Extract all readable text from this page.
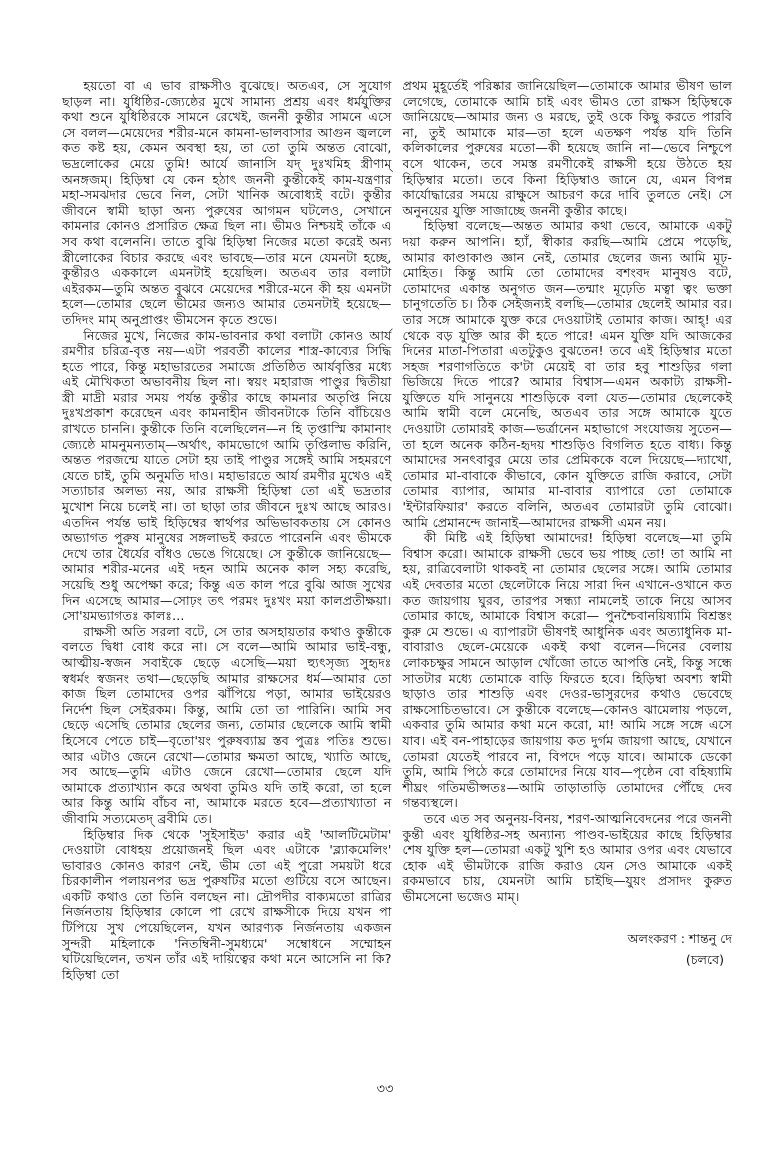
হয়তো বা এ ভাব রাক্ষসীও বুঝেছে। অতএব, সে সুযোগ ছাড়ল না। যুধিষ্ঠির-জ্যেষ্ঠের মুখে সামান্য প্রশ্রয় এবং ধর্মযুক্তির কথা শুনে যুধিষ্ঠিরকে সামনে রেখেই, জননী কুন্তীর সামনে এসে সে বলল—মেয়েদের শরীর-মনে কামনা-ভালবাসার আগুন জ্বললে কত কষ্ট হয়, কেমন অবস্থা হয়, তা তো তুমি অন্তত বোঝো, ভদ্রলোকের মেয়ে তুমি! আর্যে জানাসি যদ্ দুঃখমিহ স্ত্রীণাম্ অনঙ্গজম্। হিড়িম্বা যে কেন হঠাৎ জননী কুন্তীকেই কাম-যন্ত্রণার মহা-সমঝদার ভেবে নিল, সেটা খানিক অবোধ্যই বটে। কুন্তীর জীবনে স্বামী ছাড়া অন্য পুরুষের আগমন ঘটলেও, সেখানে কামনার কোনও প্রসারিত ক্ষেত্র ছিল না। ভীমও নিশ্চয়ই তাঁকে এ সব কথা বলেননি। তাতে বুঝি হিড়িম্বা নিজের মতো করেই অন্য স্ত্রীলোকের বিচার করছে এবং ভাবছে—তার মনে যেমনটা হচ্ছে, কুন্তীরও এককালে এমনটাই হয়েছিল। অতএব তার বলাটা এইরকম—তুমি অন্তত বুঝবে মেয়েদের শরীরে-মনে কী হয় এমনটা হলে—তোমার ছেলে ভীমের জন্যও আমার তেমনটাই হয়েছে—তদিদং মাম্ অনুপ্রাপ্তং ভীমসেন কৃতে শুভে।

নিজের মুখে, নিজের কাম-ভাবনার কথা বলাটা কোনও আর্য রমণীর চরিত্র-বৃত্ত নয়—এটা পরবর্তী কালের শাস্ত্র-কাব্যের সিদ্ধি হতে পারে, কিন্তু মহাভারতের সমাজে প্রতিষ্ঠিত আর্যবৃত্তির মধ্যে এই মৌখিকতা অভাবনীয় ছিল না। স্বয়ং মহারাজ পাণ্ডুর দ্বিতীয়া স্ত্রী মাদ্রী মরার সময় পর্যন্ত কুন্তীর কাছে কামনার অতৃপ্তি নিয়ে দুঃখপ্রকাশ করেছেন এবং কামনাহীন জীবনটাকে তিনি বাঁচিয়েও রাখতে চাননি। কুন্তীকে তিনি বলেছিলেন—ন হি তৃপ্তাস্মি কামানাং জ্যেষ্ঠে মামনুমন্যতাম্—অর্থাৎ, কামভোগে আমি তৃপ্তিলাভ করিনি, অন্তত পরজন্মে যাতে সেটা হয় তাই পাণ্ডুর সঙ্গেই আমি সহমরণে যেতে চাই, তুমি অনুমতি দাও। মহাভারতে আর্য রমণীর মুখেও এই সত্যাচার অলভ্য নয়, আর রাক্ষসী হিড়িম্বা তো এই ভদ্রতার মুখোশ নিয়ে চলেই না। তা ছাড়া তার জীবনে দুঃখ আছে আরও। এতদিন পর্যন্ত ভাই হিড়িম্বের স্বার্থপর অভিভাবকতায় সে কোনও অভ্যাগত পুরুষ মানুষের সঙ্গলাভই করতে পারেননি এবং ভীমকে দেখে তার ধৈর্যের বাঁধও ভেঙে গিয়েছে। সে কুন্তীকে জানিয়েছে—আমার শরীর-মনের এই দহন আমি অনেক কাল সহ্য করেছি, সয়েছি শুধু অপেক্ষা করে; কিন্তু এত কাল পরে বুঝি আজ সুখের দিন এসেছে আমার—সোঢ়ং তৎ পরমং দুঃখং ময়া কালপ্রতীক্ষয়া। সো'য়মভ্যাগতঃ কালঃ...

রাক্ষসী অতি সরলা বটে, সে তার অসহায়তার কথাও কুন্তীকে বলতে দ্বিধা বোধ করে না। সে বলে—আমি আমার ভাই-বন্ধু, আত্মীয়-স্বজন সবাইকে ছেড়ে এসেছি—ময়া হ্যুৎসৃজ্য সুহৃদঃ স্বধর্মং স্বজনং তথা—ছেড়েছি আমার রাক্ষসের ধর্ম—আমার তো কাজ ছিল তোমাদের ওপর ঝাঁপিয়ে পড়া, আমার ভাইয়েরও নির্দেশ ছিল সেইরকম। কিন্তু, আমি তো তা পারিনি। আমি সব ছেড়ে এসেছি তোমার ছেলের জন্য, তোমার ছেলেকে আমি স্বামী হিসেবে পেতে চাই—বৃতো'য়ং পুরুষব্যাঘ্র স্তব পুত্রঃ পতিঃ শুভে। আর এটাও জেনে রেখো—তোমার ক্ষমতা আছে, খ্যাতি আছে, সব আছে—তুমি এটাও জেনে রেখো—তোমার ছেলে যদি আমাকে প্রত্যাখ্যান করে অথবা তুমিও যদি তাই করো, তা হলে আর কিন্তু আমি বাঁচব না, আমাকে মরতে হবে—প্রত্যাখ্যাতা ন জীবামি সত্যমেতদ্ ব্রবীমি তে।

হিড়িম্বার দিক থেকে 'সুইসাইড' করার এই 'আলটিমেটাম' দেওয়াটা বোধহয় প্রয়োজনই ছিল এবং এটাকে 'ব্ল্যাকমেলিং' ভাবারও কোনও কারণ নেই, ভীম তো এই পুরো সময়টা ধরে চিরকালীন পলায়নপর ভদ্র পুরুষটির মতো গুটিয়ে বসে আছেন। একটি কথাও তো তিনি বলছেন না। দ্রৌপদীর বাক্যমতো রাত্রির নির্জনতায় হিড়িম্বার কোলে পা রেখে রাক্ষসীকে দিয়ে যখন পা টিপিয়ে সুখ পেয়েছিলেন, যখন আরণ্যক নির্জনতায় একজন সুন্দরী মহিলাকে 'নিতম্বিনী-সুমধ্যমে' সম্বোধনে সম্মোহন ঘটিয়েছিলেন, তখন তাঁর এই দায়িত্বের কথা মনে আসেনি না কি? হিড়িম্বা তো

প্রথম মুহূর্তেই পরিষ্কার জানিয়েছিল—তোমাকে আমার ভীষণ ভাল লেগেছে, তোমাকে আমি চাই এবং ভীমও তো রাক্ষস হিড়িম্বকে জানিয়েছে—আমার জন্য ও মরছে, তুই ওকে কিছু করতে পারবি না, তুই আমাকে মার—তা হলে এতক্ষণ পর্যন্ত যদি তিনি কলিকালের পুরুষের মতো—কী হয়েছে জানি না—ভেবে নিশ্চুপে বসে থাকেন, তবে সমস্ত রমণীকেই রাক্ষসী হয়ে উঠতে হয় হিড়িম্বার মতো। তবে কিনা হিড়িম্বাও জানে যে, এমন বিপন্ন কার্যোদ্ধারের সময়ে রাক্ষুসে আচরণ করে দাবি তুলতে নেই। সে অনুনয়ের যুক্তি সাজাচ্ছে জননী কুন্তীর কাছে।

হিড়িম্বা বলেছে—অন্তত আমার কথা ভেবে, আমাকে একটু দয়া করুন আপনি। হ্যাঁ, স্বীকার করছি—আমি প্রেমে পড়েছি, আমার কাণ্ডাকাণ্ড জ্ঞান নেই, তোমার ছেলের জন্য আমি মূঢ়-মোহিত। কিন্তু আমি তো তোমাদের বশংবদ মানুষও বটে, তোমাদের একান্ত অনুগত জন—তন্মাং মূঢ়েতি মত্বা ত্বং ভক্তা চানুগতেতি চ। ঠিক সেইজন্যই বলছি—তোমার ছেলেই আমার বর। তার সঙ্গে আমাকে যুক্ত করে দেওয়াটাই তোমার কাজ। আহ্! এর থেকে বড় যুক্তি আর কী হতে পারে! এমন যুক্তি যদি আজকের দিনের মাতা-পিতারা এতটুকুও বুঝতেন! তবে এই হিড়িম্বার মতো সহজ শরণাগতিতে ক'টা মেয়েই বা তার হবু শাশুড়ির গলা ভিজিয়ে দিতে পারে? আমার বিশ্বাস—এমন অকাট্য রাক্ষসী-যুক্তিতে যদি সানুনয়ে শাশুড়িকে বলা যেত—তোমার ছেলেকেই আমি স্বামী বলে মেনেছি, অতএব তার সঙ্গে আমাকে যুতে দেওয়াটা তোমারই কাজ—ভর্ত্রানেন মহাভাগে সংযোজয় সুতেন—তা হলে অনেক কঠিন-হৃদয় শাশুড়িও বিগলিত হতে বাধ্য। কিন্তু আমাদের সনৎবাবুর মেয়ে তার প্রেমিককে বলে দিয়েছে—দ্যাখো, তোমার মা-বাবাকে কীভাবে, কোন যুক্তিতে রাজি করাবে, সেটা তোমার ব্যাপার, আমার মা-বাবার ব্যাপারে তো তোমাকে 'ইন্টারফিয়ার' করতে বলিনি, অতএব তোমারটা তুমি বোঝো। আমি প্রেমানন্দে জানাই—আমাদের রাক্ষসী এমন নয়।

কী মিষ্টি এই হিড়িম্বা আমাদের! হিড়িম্বা বলেছে—মা তুমি বিশ্বাস করো। আমাকে রাক্ষসী ভেবে ভয় পাচ্ছ তো! তা আমি না হয়, রাত্রিবেলাটা থাকবই না তোমার ছেলের সঙ্গে। আমি তোমার এই দেবতার মতো ছেলেটাকে নিয়ে সারা দিন এখানে-ওখানে কত কত জায়গায় ঘুরব, তারপর সন্ধ্যা নামলেই তাকে নিয়ে আসব তোমার কাছে, আমাকে বিশ্বাস করো— পুনশ্চৈবানয়িষ্যামি বিশ্রস্তং কুরু মে শুভে। এ ব্যাপারটা ভীষণই আধুনিক এবং অত্যাধুনিক মা-বাবারাও ছেলে-মেয়েকে একই কথা বলেন—দিনের বেলায় লোকচক্ষুর সামনে আড়াল খোঁজো তাতে আপত্তি নেই, কিন্তু সন্ধে সাতটার মধ্যে তোমাকে বাড়ি ফিরতে হবে। হিড়িম্বা অবশ্য স্বামী ছাড়াও তার শাশুড়ি এবং দেওর-ভাসুরদের কথাও ভেবেছে রাক্ষসোচিতভাবে। সে কুন্তীকে বলেছে—কোনও ঝামেলায় পড়লে, একবার তুমি আমার কথা মনে করো, মা! আমি সঙ্গে সঙ্গে এসে যাব। এই বন-পাহাড়ের জায়গায় কত দুর্গম জায়গা আছে, যেখানে তোমরা যেতেই পারবে না, বিপদে পড়ে যাবে। আমাকে ডেকো তুমি, আমি পিঠে করে তোমাদের নিয়ে যাব—পৃষ্ঠেন বো বহিষ্যামি শীঘ্রং গতিমভীপ্সতঃ—আমি তাড়াতাড়ি তোমাদের পৌঁছে দেব গন্তব্যস্থলে।

তবে এত সব অনুনয়-বিনয়, শরণ-আত্মনিবেদনের পরে জননী কুন্তী এবং যুধিষ্ঠির-সহ অন্যান্য পাণ্ডব-ভাইয়ের কাছে হিড়িম্বার শেষ যুক্তি হল—তোমরা একটু খুশি হও আমার ওপর এবং যেভাবে হোক এই ভীমটাকে রাজি করাও যেন সেও আমাকে একই রকমভাবে চায়, যেমনটা আমি চাইছি—যুয়ং প্রসাদং কুরুত ভীমসেনো ভজেও মাম্।

অলংকরণ : শান্তনু দে
(চলবে)
৩৩
